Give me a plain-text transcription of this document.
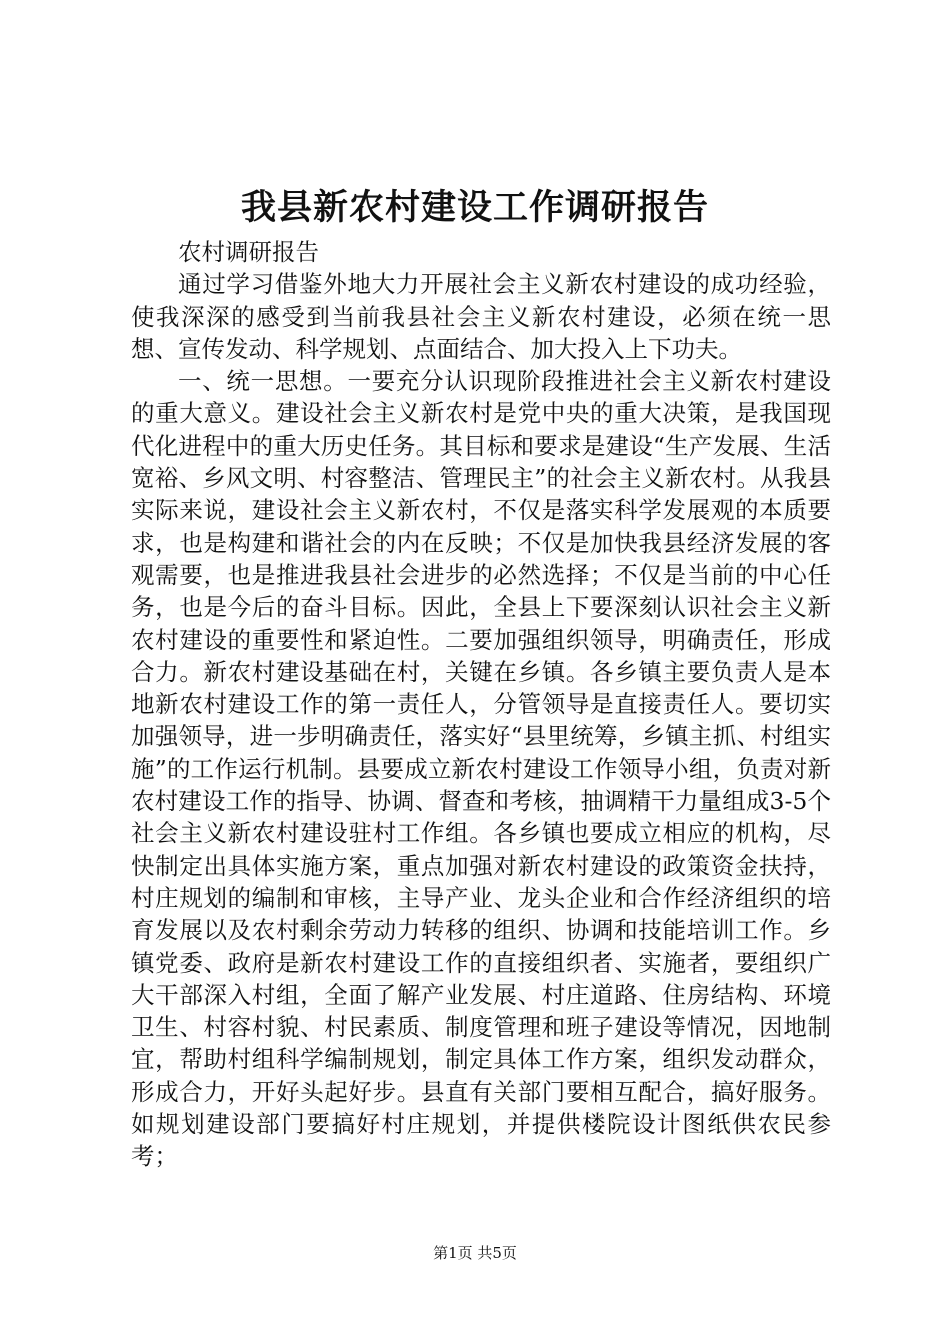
我县新农村建设工作调研报告

农村调研报告

通过学习借鉴外地大力开展社会主义新农村建设的成功经验，使我深深的感受到当前我县社会主义新农村建设，必须在统一思想、宣传发动、科学规划、点面结合、加大投入上下功夫。

一、统一思想。一要充分认识现阶段推进社会主义新农村建设的重大意义。建设社会主义新农村是党中央的重大决策，是我国现代化进程中的重大历史任务。其目标和要求是建设“生产发展、生活宽裕、乡风文明、村容整洁、管理民主”的社会主义新农村。从我县实际来说，建设社会主义新农村，不仅是落实科学发展观的本质要求，也是构建和谐社会的内在反映；不仅是加快我县经济发展的客观需要，也是推进我县社会进步的必然选择；不仅是当前的中心任务，也是今后的奋斗目标。因此，全县上下要深刻认识社会主义新农村建设的重要性和紧迫性。二要加强组织领导，明确责任，形成合力。新农村建设基础在村，关键在乡镇。各乡镇主要负责人是本地新农村建设工作的第一责任人，分管领导是直接责任人。要切实加强领导，进一步明确责任，落实好“县里统筹，乡镇主抓、村组实施”的工作运行机制。县要成立新农村建设工作领导小组，负责对新农村建设工作的指导、协调、督查和考核，抽调精干力量组成3-5个社会主义新农村建设驻村工作组。各乡镇也要成立相应的机构，尽快制定出具体实施方案，重点加强对新农村建设的政策资金扶持，村庄规划的编制和审核，主导产业、龙头企业和合作经济组织的培育发展以及农村剩余劳动力转移的组织、协调和技能培训工作。乡镇党委、政府是新农村建设工作的直接组织者、实施者，要组织广大干部深入村组，全面了解产业发展、村庄道路、住房结构、环境卫生、村容村貌、村民素质、制度管理和班子建设等情况，因地制宜，帮助村组科学编制规划，制定具体工作方案，组织发动群众，形成合力，开好头起好步。县直有关部门要相互配合，搞好服务。如规划建设部门要搞好村庄规划，并提供楼院设计图纸供农民参考；

第1页 共5页
